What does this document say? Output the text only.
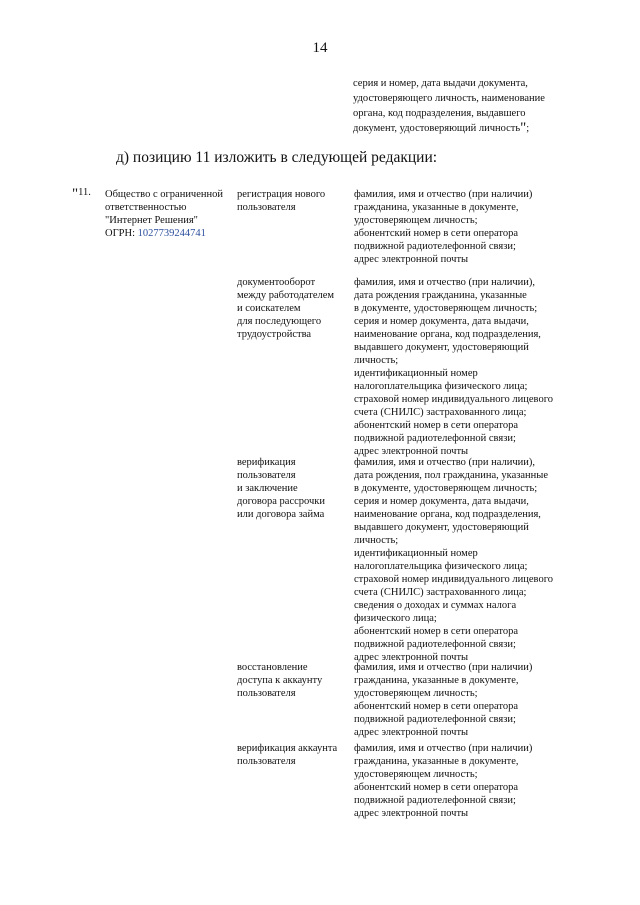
14
серия и номер, дата выдачи документа,
удостоверяющего личность, наименование
органа, код подразделения, выдавшего
документ, удостоверяющий личность";
д) позицию 11 изложить в следующей редакции:
"11. Общество с ограниченной
ответственностью
"Интернет Решения"
ОГРН: 1027739244741
регистрация нового
пользователя
фамилия, имя и отчество (при наличии)
гражданина, указанные в документе,
удостоверяющем личность;
абонентский номер в сети оператора
подвижной радиотелефонной связи;
адрес электронной почты
документооборот
между работодателем
и соискателем
для последующего
трудоустройства
фамилия, имя и отчество (при наличии),
дата рождения гражданина, указанные
в документе, удостоверяющем личность;
серия и номер документа, дата выдачи,
наименование органа, код подразделения,
выдавшего документ, удостоверяющий
личность;
идентификационный номер
налогоплательщика физического лица;
страховой номер индивидуального лицевого
счета (СНИЛС) застрахованного лица;
абонентский номер в сети оператора
подвижной радиотелефонной связи;
адрес электронной почты
верификация
пользователя
и заключение
договора рассрочки
или договора займа
фамилия, имя и отчество (при наличии),
дата рождения, пол гражданина, указанные
в документе, удостоверяющем личность;
серия и номер документа, дата выдачи,
наименование органа, код подразделения,
выдавшего документ, удостоверяющий
личность;
идентификационный номер
налогоплательщика физического лица;
страховой номер индивидуального лицевого
счета (СНИЛС) застрахованного лица;
сведения о доходах и суммах налога
физического лица;
абонентский номер в сети оператора
подвижной радиотелефонной связи;
адрес электронной почты
восстановление
доступа к аккаунту
пользователя
фамилия, имя и отчество (при наличии)
гражданина, указанные в документе,
удостоверяющем личность;
абонентский номер в сети оператора
подвижной радиотелефонной связи;
адрес электронной почты
верификация аккаунта
пользователя
фамилия, имя и отчество (при наличии)
гражданина, указанные в документе,
удостоверяющем личность;
абонентский номер в сети оператора
подвижной радиотелефонной связи;
адрес электронной почты
